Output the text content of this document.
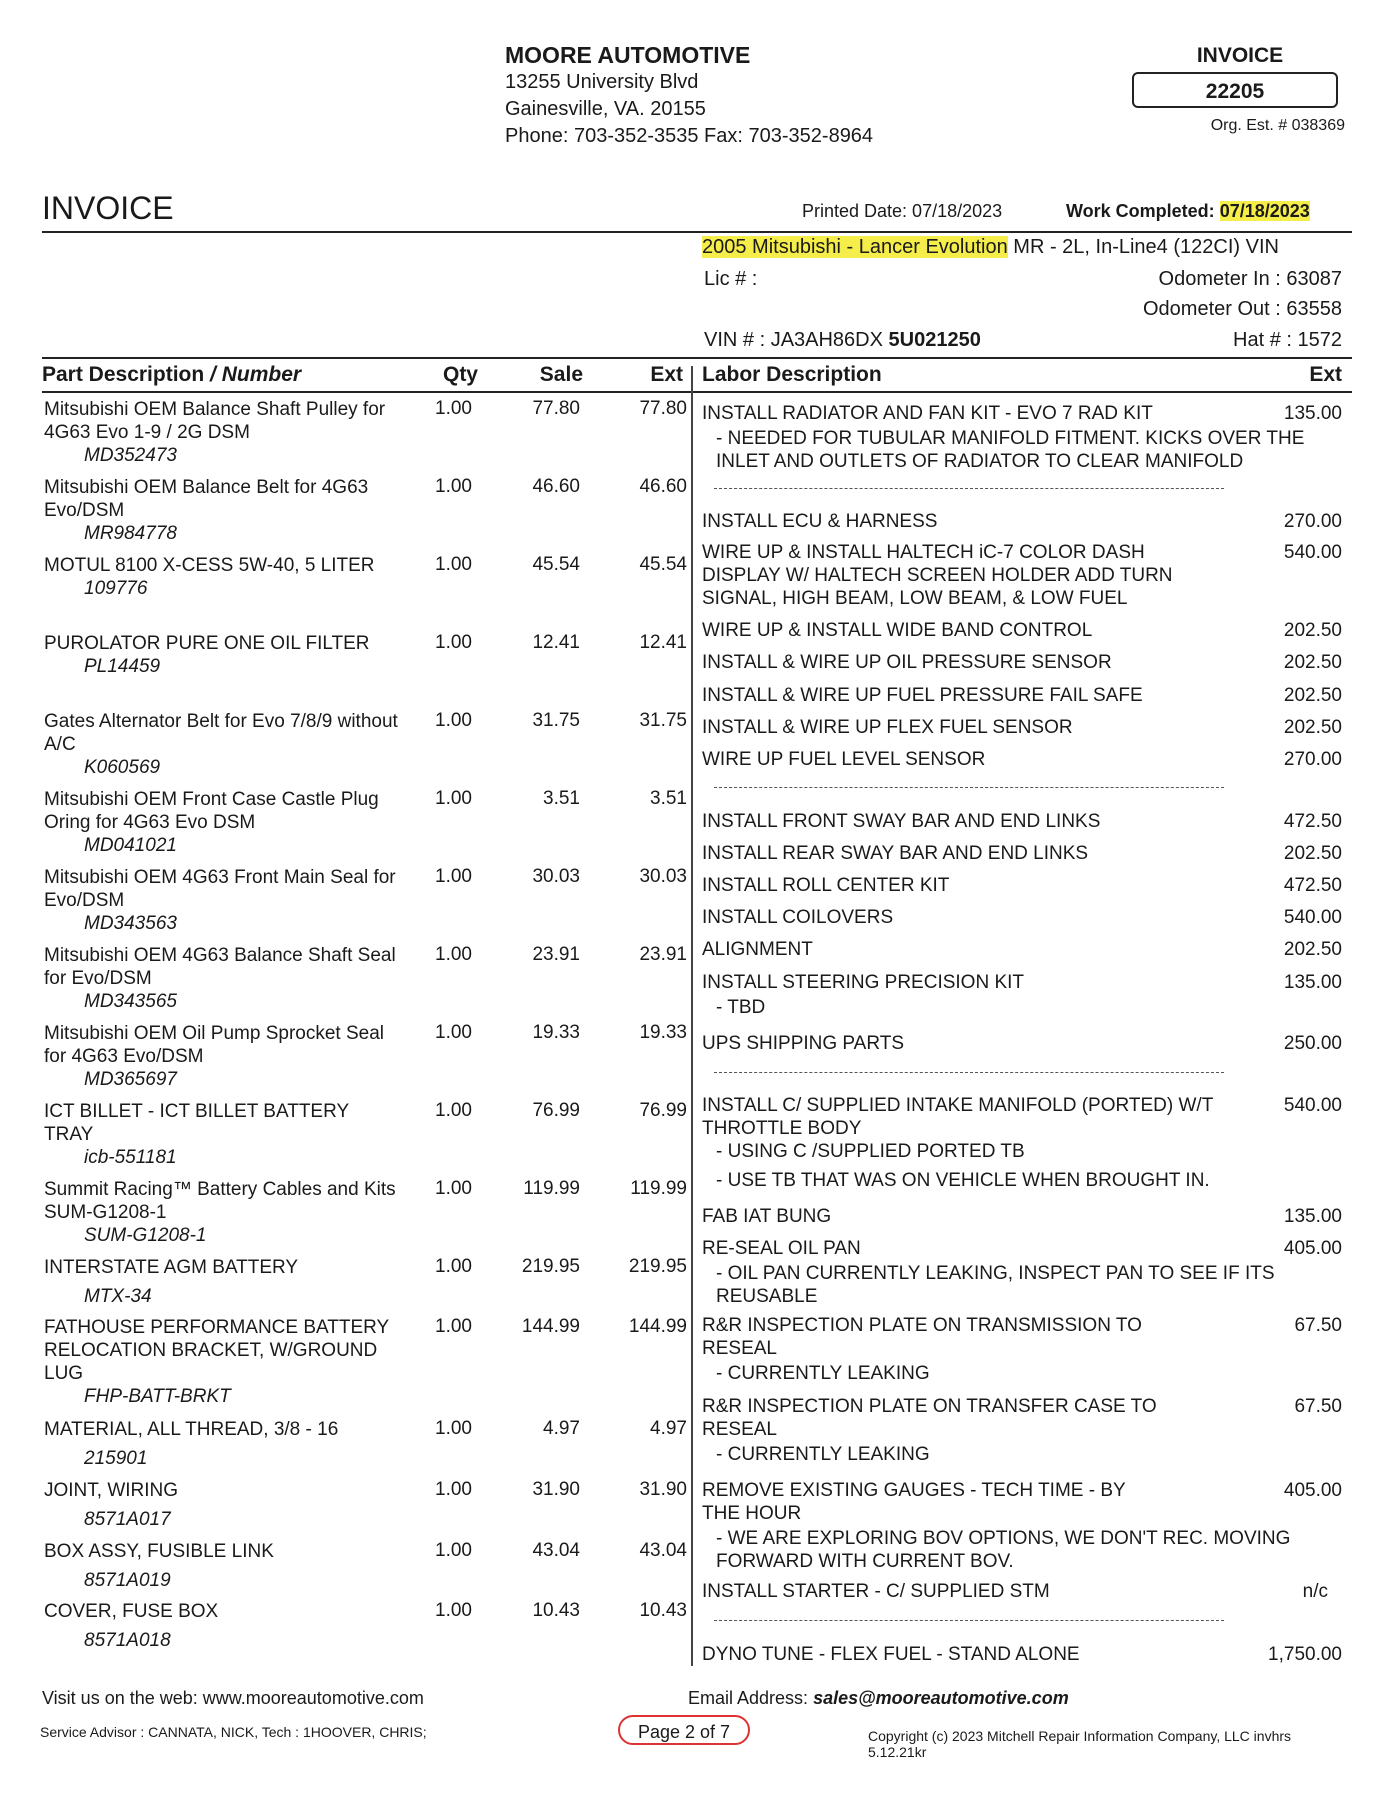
MOORE AUTOMOTIVE
13255 University Blvd
Gainesville, VA. 20155
Phone: 703-352-3535 Fax: 703-352-8964
INVOICE
22205
Org. Est. # 038369
INVOICE	Printed Date: 07/18/2023	Work Completed: 07/18/2023
2005 Mitsubishi - Lancer Evolution MR - 2L, In-Line4 (122CI) VIN
Lic # :	Odometer In : 63087
Odometer Out : 63558
VIN # : JA3AH86DX 5U021250	Hat # : 1572
Part Description / Number	Qty	Sale	Ext Labor Description	Ext
Mitsubishi OEM Balance Shaft Pulley for 4G63 Evo 1-9 / 2G DSM
MD352473
1.00	77.80	77.80
Mitsubishi OEM Balance Belt for 4G63 Evo/DSM
MR984778
1.00	46.60	46.60
MOTUL 8100 X-CESS 5W-40, 5 LITER
109776
1.00	45.54	45.54
PUROLATOR PURE ONE OIL FILTER
PL14459
1.00	12.41	12.41
Gates Alternator Belt for Evo 7/8/9 without A/C
K060569
1.00	31.75	31.75
Mitsubishi OEM Front Case Castle Plug Oring for 4G63 Evo DSM
MD041021
1.00	3.51	3.51
Mitsubishi OEM 4G63 Front Main Seal for Evo/DSM
MD343563
1.00	30.03	30.03
Mitsubishi OEM 4G63 Balance Shaft Seal for Evo/DSM
MD343565
1.00	23.91	23.91
Mitsubishi OEM Oil Pump Sprocket Seal for 4G63 Evo/DSM
MD365697
1.00	19.33	19.33
ICT BILLET - ICT BILLET BATTERY TRAY
icb-551181
1.00	76.99	76.99
Summit Racing™ Battery Cables and Kits SUM-G1208-1
SUM-G1208-1
1.00	119.99	119.99
INTERSTATE AGM BATTERY
MTX-34
1.00	219.95	219.95
FATHOUSE PERFORMANCE BATTERY RELOCATION BRACKET, W/GROUND LUG
FHP-BATT-BRKT
1.00	144.99	144.99
MATERIAL, ALL THREAD, 3/8 - 16
215901
1.00	4.97	4.97
JOINT, WIRING
8571A017
1.00	31.90	31.90
BOX ASSY, FUSIBLE LINK
8571A019
1.00	43.04	43.04
COVER, FUSE BOX
8571A018
1.00	10.43	10.43
INSTALL RADIATOR AND FAN KIT - EVO 7 RAD KIT	135.00
- NEEDED FOR TUBULAR MANIFOLD FITMENT. KICKS OVER THE INLET AND OUTLETS OF RADIATOR TO CLEAR MANIFOLD
INSTALL ECU & HARNESS	270.00
WIRE UP & INSTALL HALTECH iC-7 COLOR DASH DISPLAY W/ HALTECH SCREEN HOLDER ADD TURN SIGNAL, HIGH BEAM, LOW BEAM, & LOW FUEL
540.00
WIRE UP & INSTALL WIDE BAND CONTROL	202.50
INSTALL & WIRE UP OIL PRESSURE SENSOR	202.50
INSTALL & WIRE UP FUEL PRESSURE FAIL SAFE	202.50
INSTALL & WIRE UP FLEX FUEL SENSOR	202.50
WIRE UP FUEL LEVEL SENSOR	270.00
INSTALL FRONT SWAY BAR AND END LINKS	472.50
INSTALL REAR SWAY BAR AND END LINKS	202.50
INSTALL ROLL CENTER KIT	472.50
INSTALL COILOVERS	540.00
ALIGNMENT	202.50
INSTALL STEERING PRECISION KIT	135.00
- TBD
UPS SHIPPING PARTS	250.00
INSTALL C/ SUPPLIED INTAKE MANIFOLD (PORTED) W/T THROTTLE BODY
540.00
- USING C /SUPPLIED PORTED TB
- USE TB THAT WAS ON VEHICLE WHEN BROUGHT IN.
FAB IAT BUNG	135.00
RE-SEAL OIL PAN	405.00
- OIL PAN CURRENTLY LEAKING, INSPECT PAN TO SEE IF ITS REUSABLE
R&R INSPECTION PLATE ON TRANSMISSION TO RESEAL
67.50
- CURRENTLY LEAKING
R&R INSPECTION PLATE ON TRANSFER CASE TO RESEAL
67.50
- CURRENTLY LEAKING
REMOVE EXISTING GAUGES - TECH TIME - BY THE HOUR
405.00
- WE ARE EXPLORING BOV OPTIONS, WE DON'T REC. MOVING FORWARD WITH CURRENT BOV.
INSTALL STARTER - C/ SUPPLIED STM	n/c
DYNO TUNE - FLEX FUEL - STAND ALONE	1,750.00
Visit us on the web: www.mooreautomotive.com	Email Address: sales@mooreautomotive.com
Service Advisor : CANNATA, NICK, Tech : 1HOOVER, CHRIS;	Page 2 of 7	Copyright (c) 2023 Mitchell Repair Information Company, LLC invhrs 5.12.21kr
